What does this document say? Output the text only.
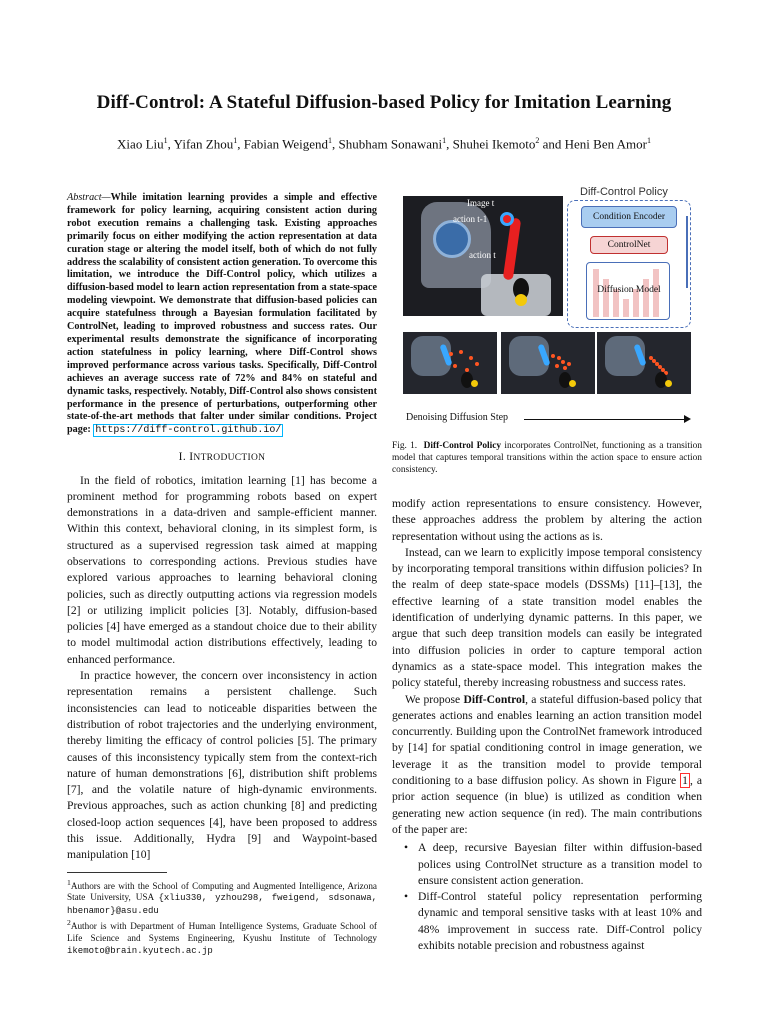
Diff-Control: A Stateful Diffusion-based Policy for Imitation Learning
Xiao Liu$^1$, Yifan Zhou$^1$, Fabian Weigend$^1$, Shubham Sonawani$^1$, Shuhei Ikemoto$^2$ and Heni Ben Amor$^1$
Abstract—While imitation learning provides a simple and effective framework for policy learning, acquiring consistent action during robot execution remains a challenging task. Existing approaches primarily focus on either modifying the action representation at data curation stage or altering the model itself, both of which do not fully address the scalability of consistent action generation. To overcome this limitation, we introduce the Diff-Control policy, which utilizes a diffusion-based model to learn action representation from a state-space modeling viewpoint. We demonstrate that diffusion-based policies can acquire statefulness through a Bayesian formulation facilitated by ControlNet, leading to improved robustness and success rates. Our experimental results demonstrate the significance of incorporating action statefulness in policy learning, where Diff-Control shows improved performance across various tasks. Specifically, Diff-Control achieves an average success rate of 72% and 84% on stateful and dynamic tasks, respectively. Notably, Diff-Control also shows consistent performance in the presence of perturbations, outperforming other state-of-the-art methods that falter under similar conditions. Project page: https://diff-control.github.io/
I. INTRODUCTION

In the field of robotics, imitation learning [1] has become a prominent method for programming robots based on expert demonstrations in a data-driven and sample-efficient manner. Within this context, behavioral cloning, in its simplest form, is structured as a supervised regression task aimed at mapping observations to corresponding actions. Previous studies have explored various approaches to learning behavioral cloning policies, such as directly outputting actions via regression models [2] or utilizing implicit policies [3]. Notably, diffusion-based policies [4] have emerged as a standout choice due to their ability to model multimodal action distributions effectively, leading to enhanced performance.

In practice however, the concern over inconsistency in action representation remains a persistent challenge. Such inconsistencies can lead to noticeable disparities between the distribution of robot trajectories and the underlying environment, thereby limiting the efficacy of control policies [5]. The primary causes of this inconsistency typically stem from the context-rich nature of human demonstrations [6], distribution shift problems [7], and the volatile nature of high-dynamic environments. Previous approaches, such as action chunking [8] and predicting closed-loop action sequences [4], have been proposed to address this issue. Additionally, Hydra [9] and Waypoint-based manipulation [10]

$^1$Authors are with the School of Computing and Augmented Intelligence, Arizona State University, USA {xliu330, yzhou298, fweigend, sdsonawa, hbenamor}@asu.edu
$^2$Author is with Department of Human Intelligence Systems, Graduate School of Life Science and Systems Engineering, Kyushu Institute of Technology ikemoto@brain.kyutech.ac.jp
Image t
action t-1
action t
Diff-Control Policy
Condition Encoder
ControlNet
Diffusion Model
Denoising Diffusion Step
Fig. 1. Diff-Control Policy incorporates ControlNet, functioning as a transition model that captures temporal transitions within the action space to ensure action consistency.

modify action representations to ensure consistency. However, these approaches address the problem by altering the action representation without using the actions as is.

Instead, can we learn to explicitly impose temporal consistency by incorporating temporal transitions within diffusion policies? In the realm of deep state-space models (DSSMs) [11]–[13], the effective learning of a state transition model enables the identification of underlying dynamic patterns. In this paper, we argue that such deep transition models can easily be integrated into diffusion policies in order to capture temporal action dynamics as a state-space model. This integration makes the policy stateful, thereby increasing robustness and success rates.

We propose Diff-Control, a stateful diffusion-based policy that generates actions and enables learning an action transition model concurrently. Building upon the ControlNet framework introduced by [14] for spatial conditioning control in image generation, we leverage it as the transition model to provide temporal conditioning to a base diffusion policy. As shown in Figure 1 , a prior action sequence (in blue) is utilized as condition when generating new action sequence (in red). The main contributions of the paper are:

• A deep, recursive Bayesian filter within diffusion-based polices using ControlNet structure as a transition model to ensure consistent action generation.
• Diff-Control stateful policy representation performing dynamic and temporal sensitive tasks with at least 10% and 48% improvement in success rate. Diff-Control policy exhibits notable precision and robustness against
